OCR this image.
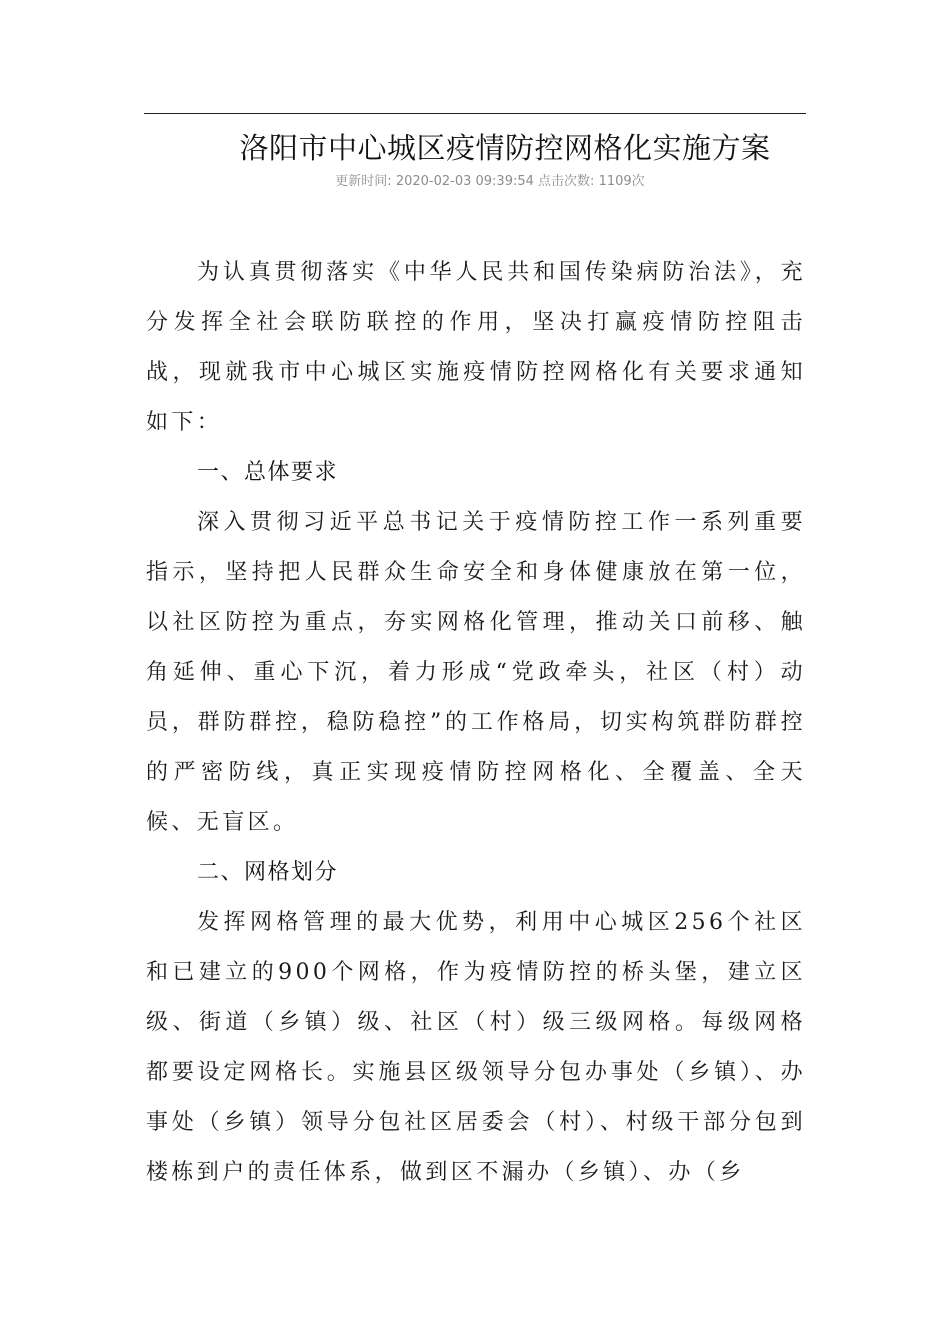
洛阳市中心城区疫情防控网格化实施方案
更新时间: 2020-02-03 09:39:54 点击次数: 1109次

为认真贯彻落实《中华人民共和国传染病防治法》，充分发挥全社会联防联控的作用，坚决打赢疫情防控阻击战，现就我市中心城区实施疫情防控网格化有关要求通知如下：

一、总体要求

深入贯彻习近平总书记关于疫情防控工作一系列重要指示，坚持把人民群众生命安全和身体健康放在第一位，以社区防控为重点，夯实网格化管理，推动关口前移、触角延伸、重心下沉，着力形成“党政牵头，社区（村）动员，群防群控，稳防稳控”的工作格局，切实构筑群防群控的严密防线，真正实现疫情防控网格化、全覆盖、全天候、无盲区。

二、网格划分

发挥网格管理的最大优势，利用中心城区256个社区和已建立的900个网格，作为疫情防控的桥头堡，建立区级、街道（乡镇）级、社区（村）级三级网格。每级网格都要设定网格长。实施县区级领导分包办事处（乡镇）、办事处（乡镇）领导分包社区居委会（村）、村级干部分包到楼栋到户的责任体系，做到区不漏办（乡镇）、办（乡
